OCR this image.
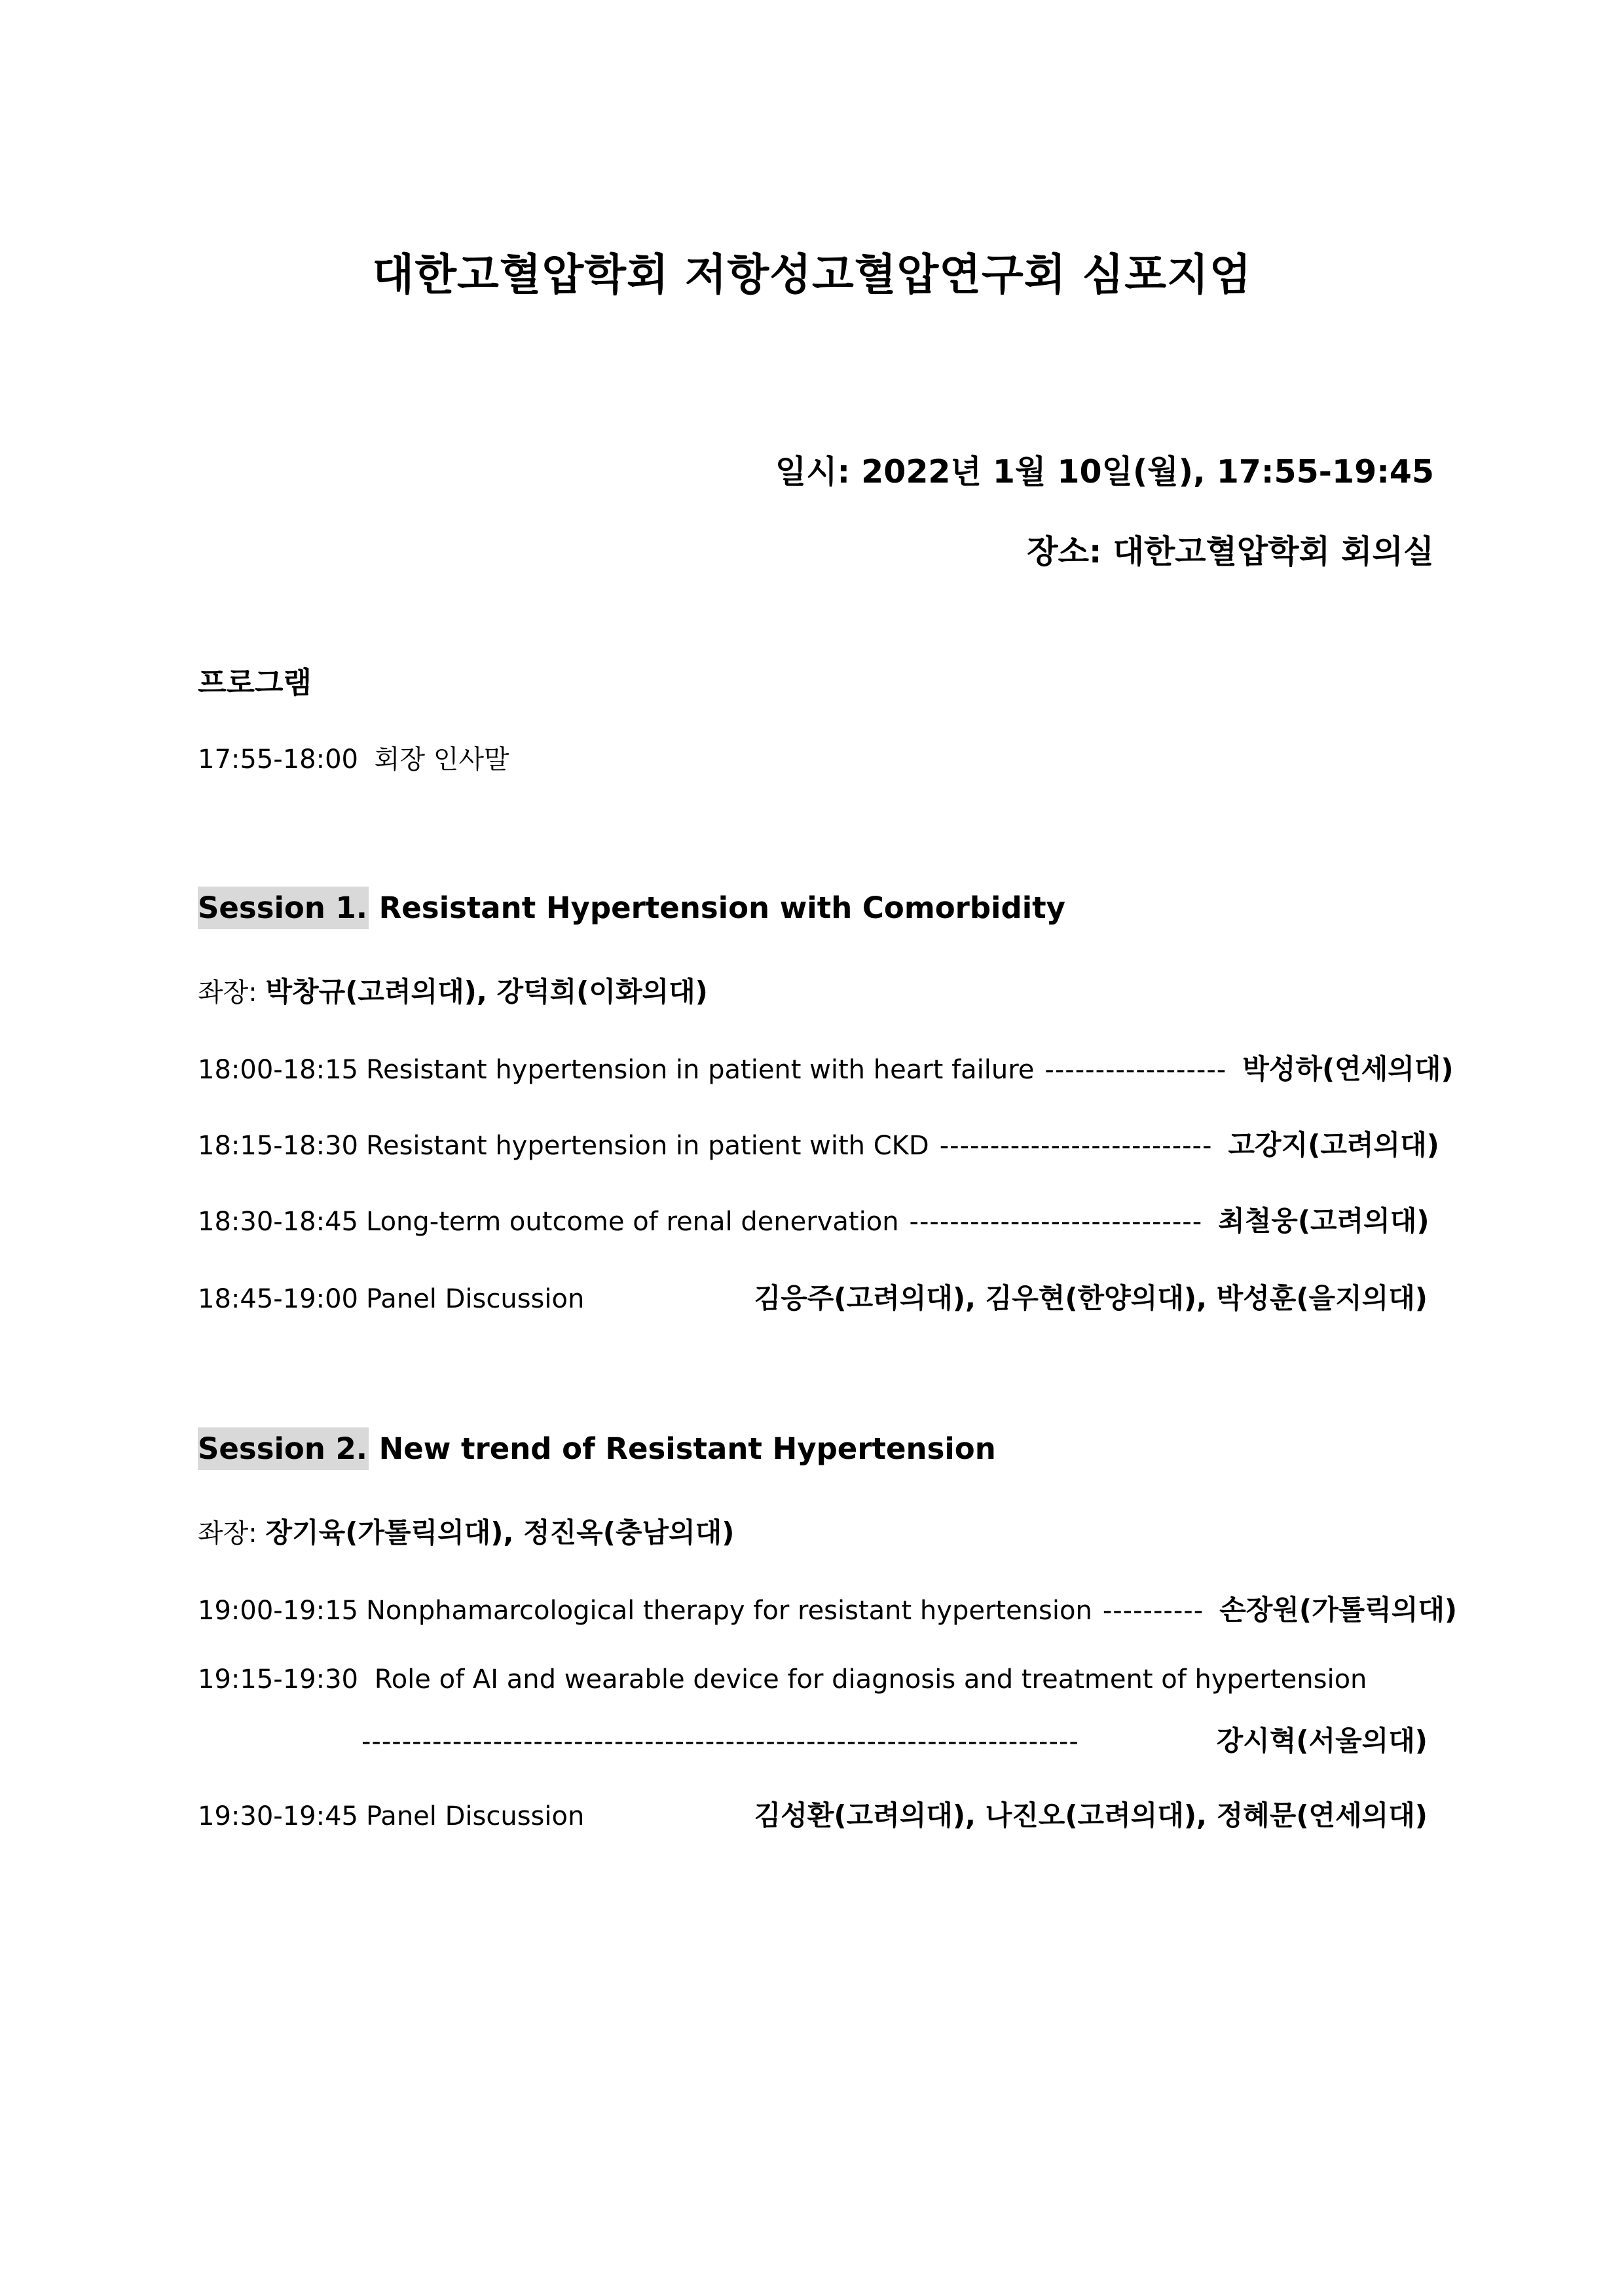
대한고혈압학회 저항성고혈압연구회 심포지엄
일시: 2022년 1월 10일(월), 17:55-19:45
장소: 대한고혈압학회 회의실
프로그램
17:55-18:00 회장 인사말
Session 1. Resistant Hypertension with Comorbidity
좌장: 박창규(고려의대), 강덕희(이화의대)
18:00-18:15 Resistant hypertension in patient with heart failure ------------------ 박성하(연세의대)
18:15-18:30 Resistant hypertension in patient with CKD --------------------------- 고강지(고려의대)
18:30-18:45 Long-term outcome of renal denervation ----------------------------- 최철웅(고려의대)
18:45-19:00 Panel Discussion	김응주(고려의대), 김우현(한양의대), 박성훈(을지의대)
Session 2. New trend of Resistant Hypertension
좌장: 장기육(가톨릭의대), 정진옥(충남의대)
19:00-19:15 Nonphamarcological therapy for resistant hypertension ---------- 손장원(가톨릭의대)
19:15-19:30 Role of AI and wearable device for diagnosis and treatment of hypertension
-----------------------------------------------------------------------	강시혁(서울의대)
19:30-19:45 Panel Discussion	김성환(고려의대), 나진오(고려의대), 정혜문(연세의대)
